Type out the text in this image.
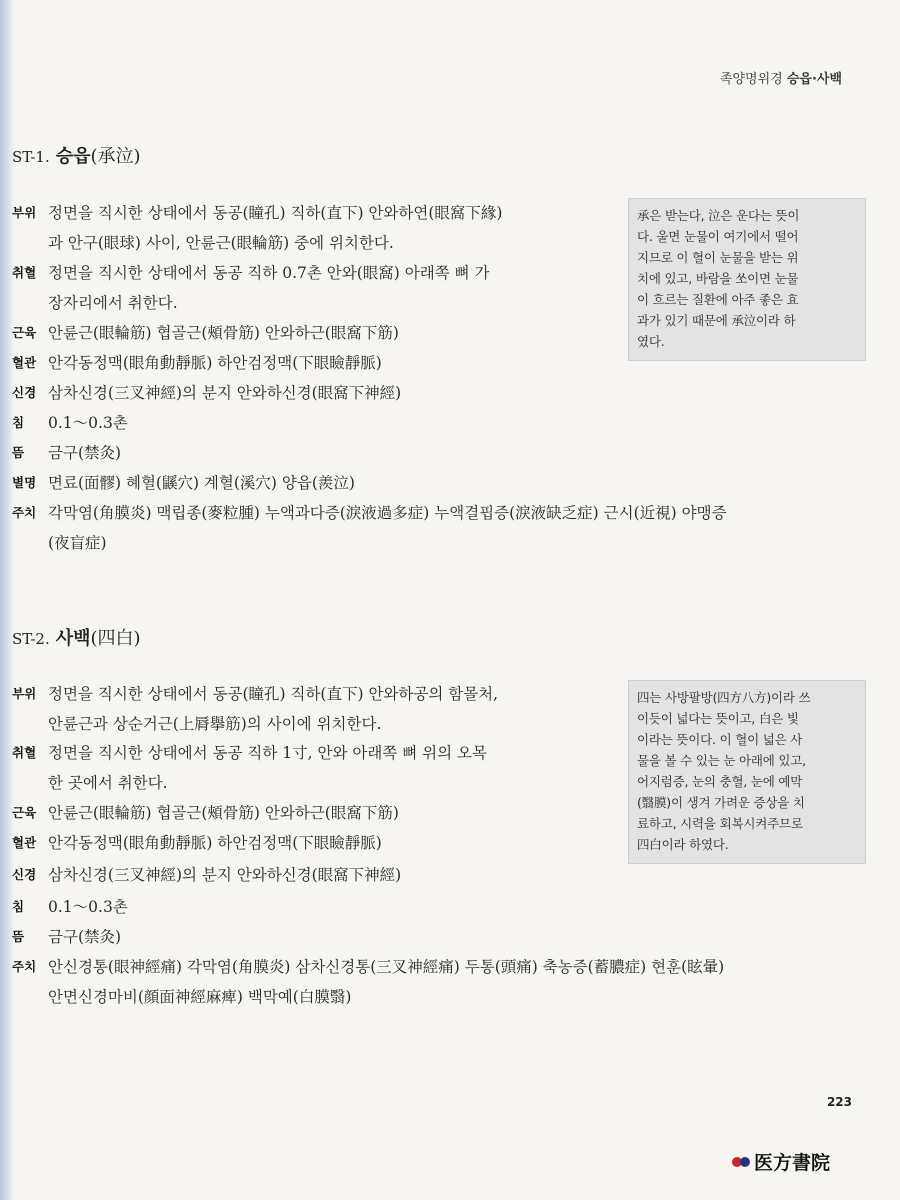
족양명위경 승읍·사백
ST-1. 승읍(承泣)
부위 정면을 직시한 상태에서 동공(瞳孔) 직하(直下) 안와하연(眼窩下緣)
과 안구(眼球) 사이, 안륜근(眼輪筋) 중에 위치한다.
취혈 정면을 직시한 상태에서 동공 직하 0.7촌 안와(眼窩) 아래쪽 뼈 가
장자리에서 취한다.
근육 안륜근(眼輪筋) 협골근(頰骨筋) 안와하근(眼窩下筋)
혈관 안각동정맥(眼角動靜脈) 하안검정맥(下眼瞼靜脈)
신경 삼차신경(三叉神經)의 분지 안와하신경(眼窩下神經)
침 0.1～0.3촌
뜸 금구(禁灸)
별명 면료(面髎) 혜혈(鼷穴) 계혈(溪穴) 양읍(羨泣)
주치 각막염(角膜炎) 맥립종(麥粒腫) 누액과다증(淚液過多症) 누액결핍증(淚液缺乏症) 근시(近視) 야맹증
(夜盲症)
承은 받는다, 泣은 운다는 뜻이
다. 울면 눈물이 여기에서 떨어
지므로 이 혈이 눈물을 받는 위
치에 있고, 바람을 쏘이면 눈물
이 흐르는 질환에 아주 좋은 효
과가 있기 때문에 承泣이라 하
였다.
ST-2. 사백(四白)
부위 정면을 직시한 상태에서 동공(瞳孔) 직하(直下) 안와하공의 함몰처,
안륜근과 상순거근(上脣擧筋)의 사이에 위치한다.
취혈 정면을 직시한 상태에서 동공 직하 1寸, 안와 아래쪽 뼈 위의 오목
한 곳에서 취한다.
근육 안륜근(眼輪筋) 협골근(頰骨筋) 안와하근(眼窩下筋)
혈관 안각동정맥(眼角動靜脈) 하안검정맥(下眼瞼靜脈)
신경 삼차신경(三叉神經)의 분지 안와하신경(眼窩下神經)
침 0.1～0.3촌
뜸 금구(禁灸)
주치 안신경통(眼神經痛) 각막염(角膜炎) 삼차신경통(三叉神經痛) 두통(頭痛) 축농증(蓄膿症) 현훈(眩暈)
안면신경마비(顔面神經麻痺) 백막예(白膜翳)
四는 사방팔방(四方八方)이라 쓰
이듯이 넓다는 뜻이고, 白은 빛
이라는 뜻이다. 이 혈이 넓은 사
물을 볼 수 있는 눈 아래에 있고,
어지럼증, 눈의 충혈, 눈에 예막
(翳膜)이 생겨 가려운 증상을 치
료하고, 시력을 회복시켜주므로
四白이라 하였다.
223
医方書院
